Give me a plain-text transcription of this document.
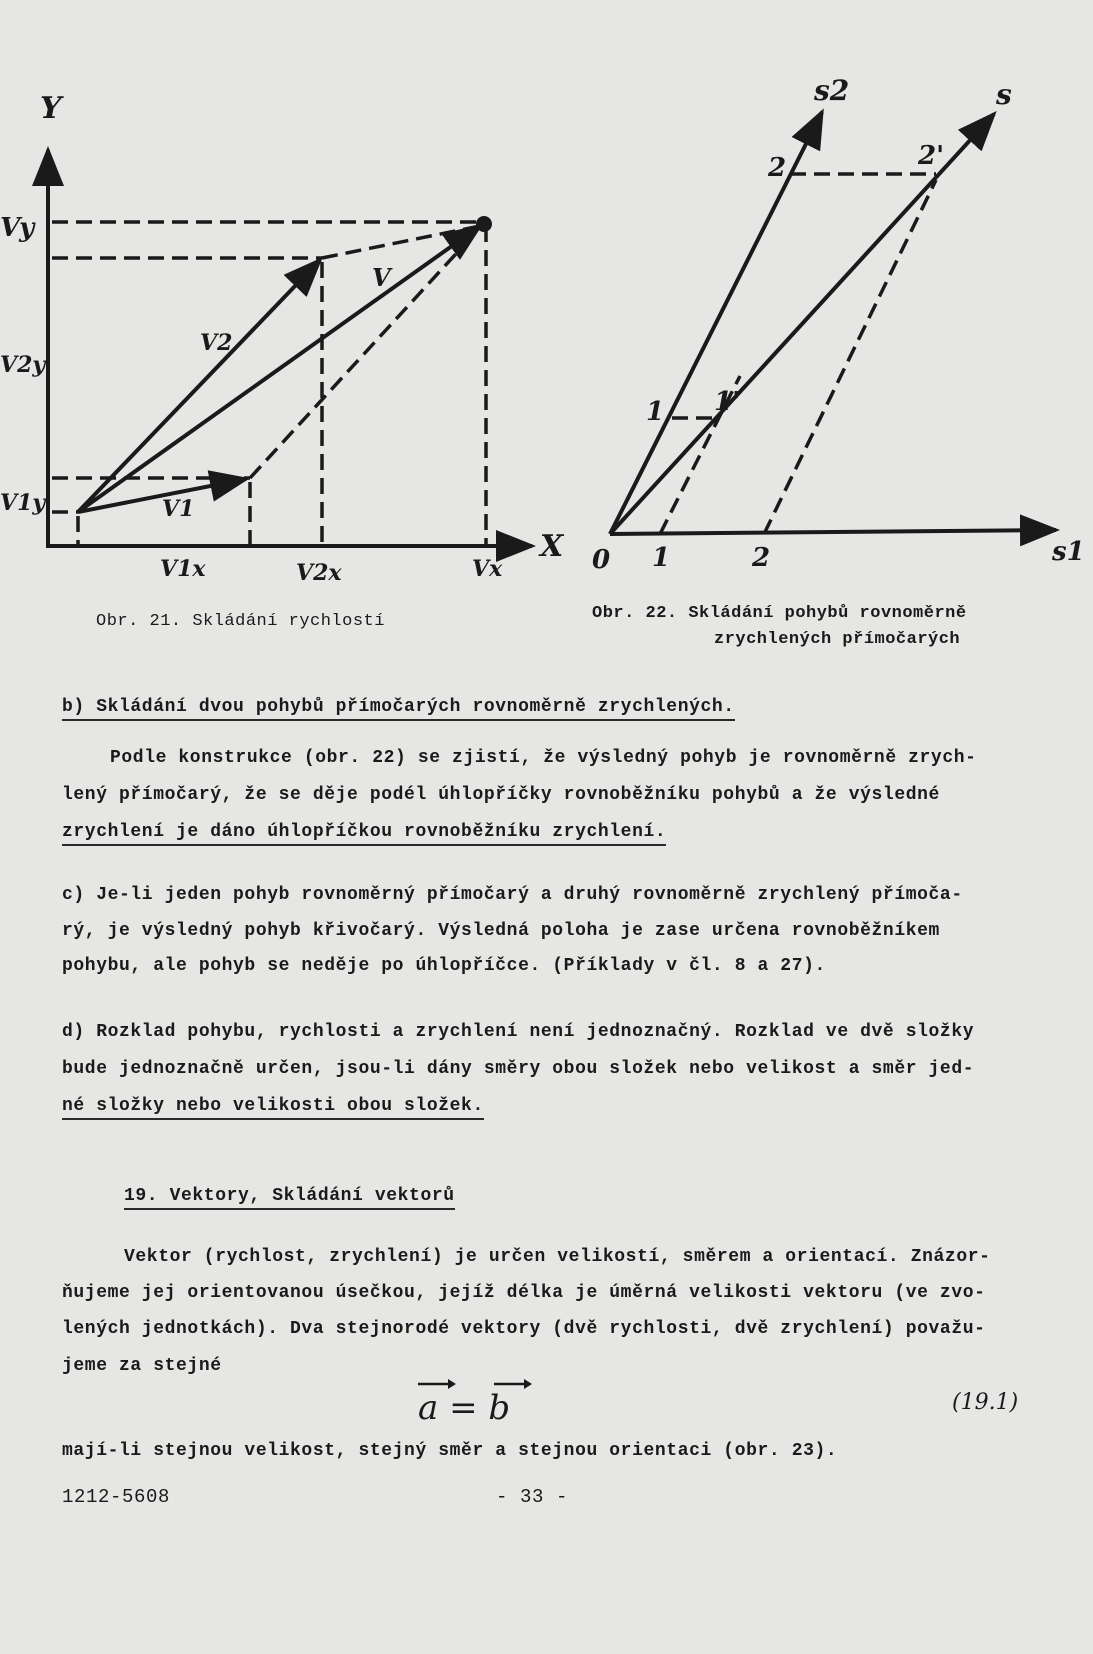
Y
X
Vy
V2y
V1y
V1x	V2x	Vx
V
V2
V1
s2	s
s1
2	2'
1 1'
0 1	2
Obr. 21. Skládání rychlostí	Obr. 22. Skládání pohybů rovnoměrně
zrychlených přímočarých
b) Skládání dvou pohybů přímočarých rovnoměrně zrychlených.
Podle konstrukce (obr. 22) se zjistí, že výsledný pohyb je rovnoměrně zrych-
lený přímočarý, že se děje podél úhlopříčky rovnoběžníku pohybů a že výsledné
zrychlení je dáno úhlopříčkou rovnoběžníku zrychlení.
c) Je-li jeden pohyb rovnoměrný přímočarý a druhý rovnoměrně zrychlený přímoča-
rý, je výsledný pohyb křivočarý. Výsledná poloha je zase určena rovnoběžníkem
pohybu, ale pohyb se neděje po úhlopříčce. (Příklady v čl. 8 a 27).
d) Rozklad pohybu, rychlosti a zrychlení není jednoznačný. Rozklad ve dvě složky
bude jednoznačně určen, jsou-li dány směry obou složek nebo velikost a směr jed-
né složky nebo velikosti obou složek.
19. Vektory, Skládání vektorů
Vektor (rychlost, zrychlení) je určen velikostí, směrem a orientací. Znázor-
ňujeme jej orientovanou úsečkou, jejíž délka je úměrná velikosti vektoru (ve zvo-
lených jednotkách). Dva stejnorodé vektory (dvě rychlosti, dvě zrychlení) považu-
jeme za stejné
a = b	(19.1)
mají-li stejnou velikost, stejný směr a stejnou orientaci (obr. 23).
1212-5608	- 33 -
